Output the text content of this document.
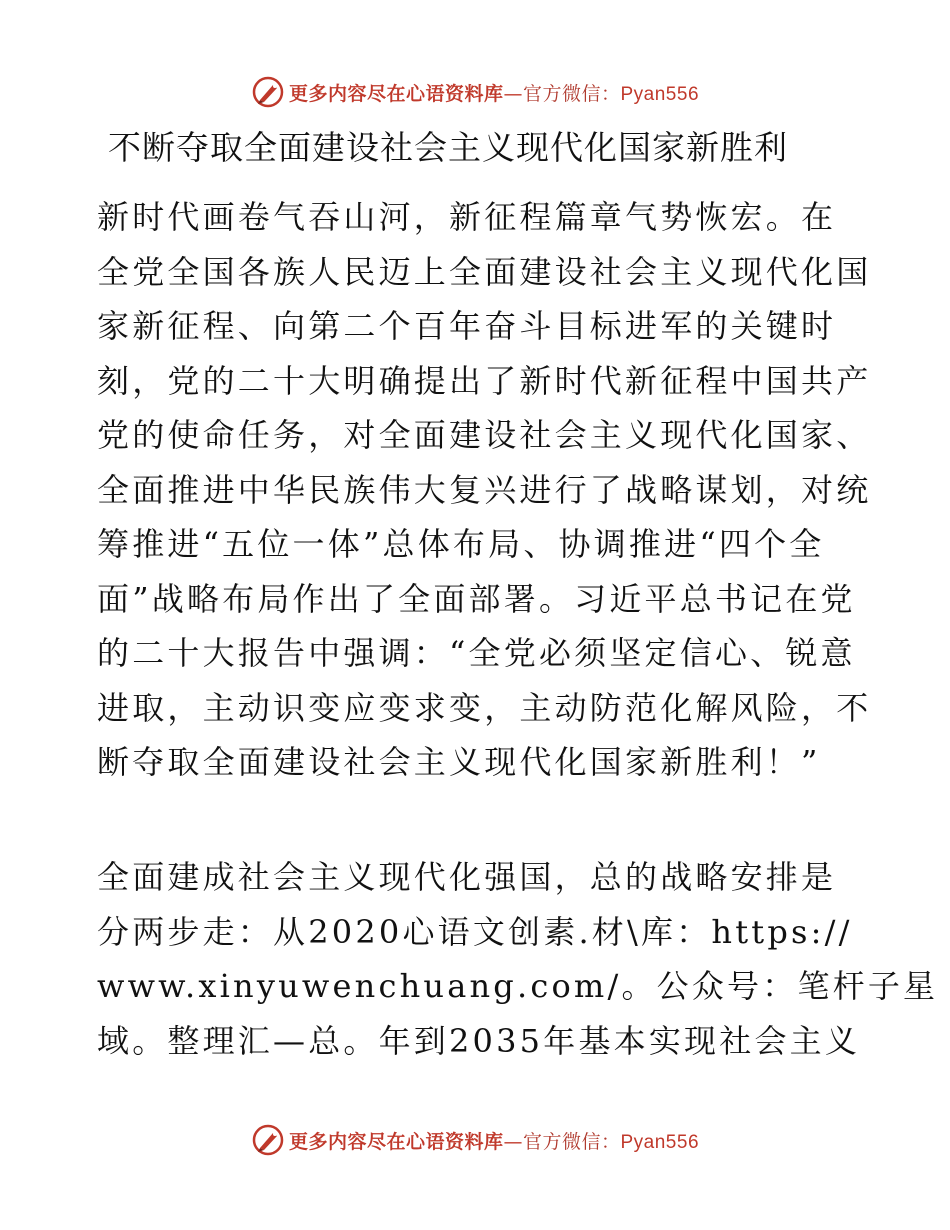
更多内容尽在心语资料库—官方微信：Pyan556
不断夺取全面建设社会主义现代化国家新胜利
新时代画卷气吞山河，新征程篇章气势恢宏。在
全党全国各族人民迈上全面建设社会主义现代化国
家新征程、向第二个百年奋斗目标进军的关键时
刻，党的二十大明确提出了新时代新征程中国共产
党的使命任务，对全面建设社会主义现代化国家、
全面推进中华民族伟大复兴进行了战略谋划，对统
筹推进“五位一体”总体布局、协调推进“四个全
面”战略布局作出了全面部署。习近平总书记在党
的二十大报告中强调：“全党必须坚定信心、锐意
进取，主动识变应变求变，主动防范化解风险，不
断夺取全面建设社会主义现代化国家新胜利！”
全面建成社会主义现代化强国，总的战略安排是
分两步走：从2020心语文创素.材\库：https://
www.xinyuwenchuang.com/。公众号：笔杆子星
域。整理汇—总。年到2035年基本实现社会主义
更多内容尽在心语资料库—官方微信：Pyan556
